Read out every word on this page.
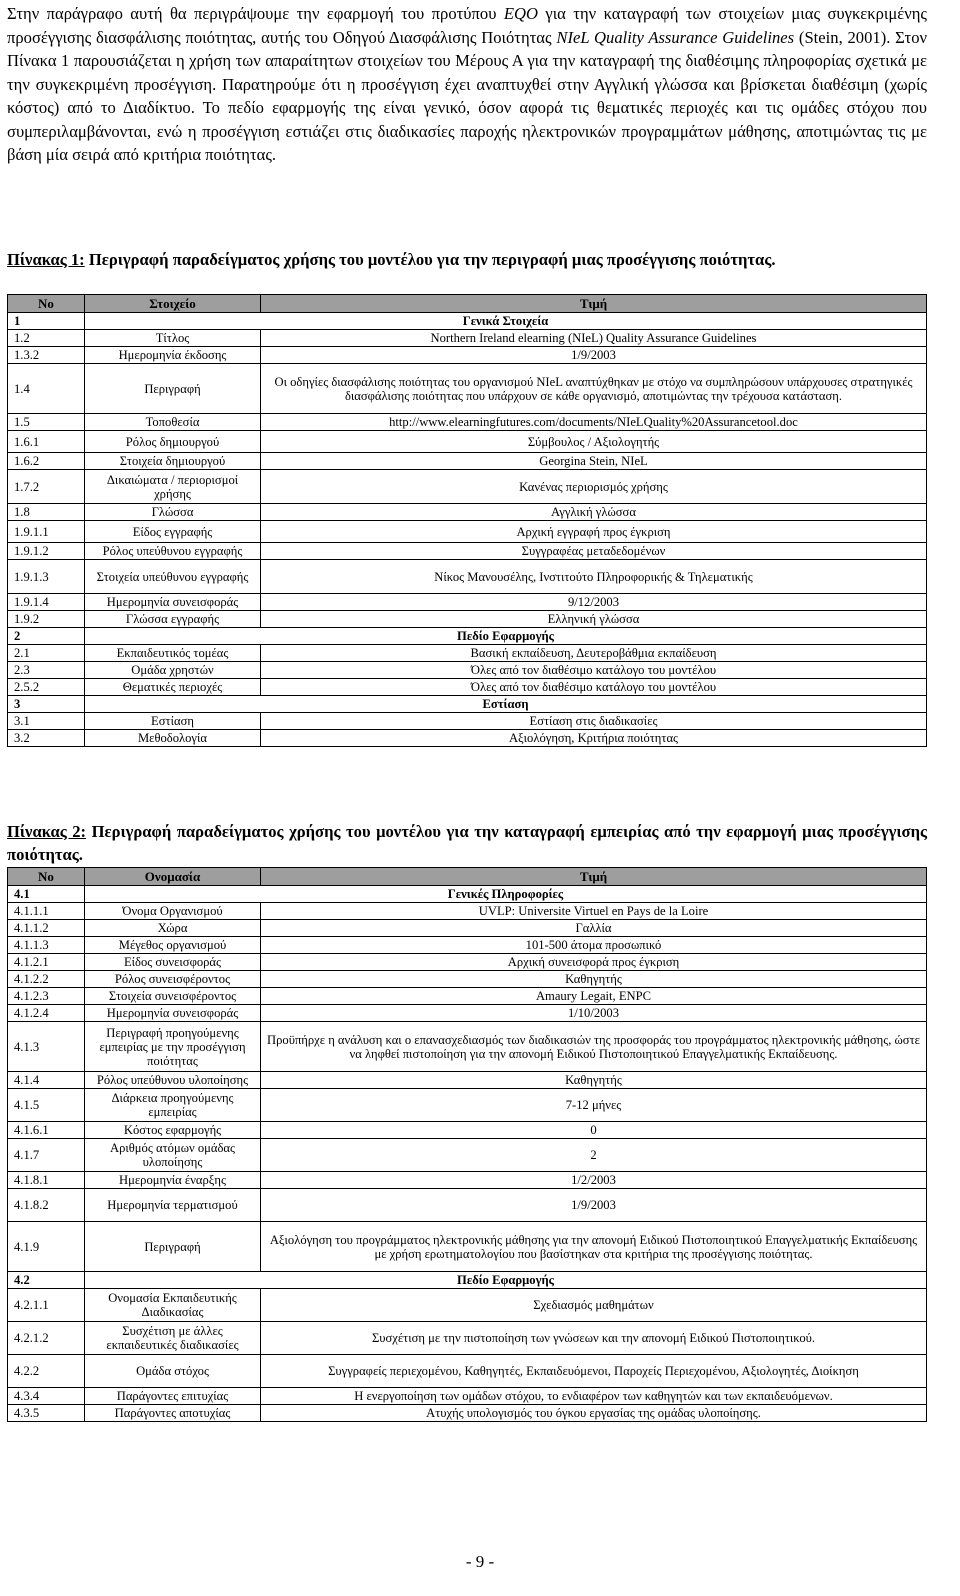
Στην παράγραφο αυτή θα περιγράψουμε την εφαρμογή του προτύπου EQO για την καταγραφή των στοιχείων μιας συγκεκριμένης προσέγγισης διασφάλισης ποιότητας, αυτής του Οδηγού Διασφάλισης Ποιότητας NIeL Quality Assurance Guidelines (Stein, 2001). Στον Πίνακα 1 παρουσιάζεται η χρήση των απαραίτητων στοιχείων του Μέρους Α για την καταγραφή της διαθέσιμης πληροφορίας σχετικά με την συγκεκριμένη προσέγγιση. Παρατηρούμε ότι η προσέγγιση έχει αναπτυχθεί στην Αγγλική γλώσσα και βρίσκεται διαθέσιμη (χωρίς κόστος) από το Διαδίκτυο. Το πεδίο εφαρμογής της είναι γενικό, όσον αφορά τις θεματικές περιοχές και τις ομάδες στόχου που συμπεριλαμβάνονται, ενώ η προσέγγιση εστιάζει στις διαδικασίες παροχής ηλεκτρονικών προγραμμάτων μάθησης, αποτιμώντας τις με βάση μία σειρά από κριτήρια ποιότητας.

Πίνακας 1: Περιγραφή παραδείγματος χρήσης του μοντέλου για την περιγραφή μιας προσέγγισης ποιότητας.

No	Στοιχείο	Τιμή
1	Γενικά Στοιχεία	
1.2	Τίτλος	Northern Ireland elearning (NIeL) Quality Assurance Guidelines
1.3.2	Ημερομηνία έκδοσης	1/9/2003
1.4	Περιγραφή	Οι οδηγίες διασφάλισης ποιότητας του οργανισμού NIeL αναπτύχθηκαν με στόχο να συμπληρώσουν υπάρχουσες στρατηγικές διασφάλισης ποιότητας που υπάρχουν σε κάθε οργανισμό, αποτιμώντας την τρέχουσα κατάσταση.
1.5	Τοποθεσία	http://www.elearningfutures.com/documents/NIeLQuality%20Assurancetool.doc
1.6.1	Ρόλος δημιουργού	Σύμβουλος / Αξιολογητής
1.6.2	Στοιχεία δημιουργού	Georgina Stein, NIeL
1.7.2	Δικαιώματα / περιορισμοί χρήσης	Κανένας περιορισμός χρήσης
1.8	Γλώσσα	Αγγλική γλώσσα
1.9.1.1	Είδος εγγραφής	Αρχική εγγραφή προς έγκριση
1.9.1.2	Ρόλος υπεύθυνου εγγραφής	Συγγραφέας μεταδεδομένων
1.9.1.3	Στοιχεία υπεύθυνου εγγραφής	Νίκος Μανουσέλης, Ινστιτούτο Πληροφορικής & Τηλεματικής
1.9.1.4	Ημερομηνία συνεισφοράς	9/12/2003
1.9.2	Γλώσσα εγγραφής	Ελληνική γλώσσα
2	Πεδίο Εφαρμογής	
2.1	Εκπαιδευτικός τομέας	Βασική εκπαίδευση, Δευτεροβάθμια εκπαίδευση
2.3	Ομάδα χρηστών	Όλες από τον διαθέσιμο κατάλογο του μοντέλου
2.5.2	Θεματικές περιοχές	Όλες από τον διαθέσιμο κατάλογο του μοντέλου
3	Εστίαση	
3.1	Εστίαση	Εστίαση στις διαδικασίες
3.2	Μεθοδολογία	Αξιολόγηση, Κριτήρια ποιότητας

Πίνακας 2: Περιγραφή παραδείγματος χρήσης του μοντέλου για την καταγραφή εμπειρίας από την εφαρμογή μιας προσέγγισης ποιότητας.

No	Ονομασία	Τιμή
4.1	Γενικές Πληροφορίες	
4.1.1.1	Όνομα Οργανισμού	UVLP: Universite Virtuel en Pays de la Loire
4.1.1.2	Χώρα	Γαλλία
4.1.1.3	Μέγεθος οργανισμού	101-500 άτομα προσωπικό
4.1.2.1	Είδος συνεισφοράς	Αρχική συνεισφορά προς έγκριση
4.1.2.2	Ρόλος συνεισφέροντος	Καθηγητής
4.1.2.3	Στοιχεία συνεισφέροντος	Amaury Legait, ENPC
4.1.2.4	Ημερομηνία συνεισφοράς	1/10/2003
4.1.3	Περιγραφή προηγούμενης εμπειρίας με την προσέγγιση ποιότητας	Προϋπήρχε η ανάλυση και ο επανασχεδιασμός των διαδικασιών της προσφοράς του προγράμματος ηλεκτρονικής μάθησης, ώστε να ληφθεί πιστοποίηση για την απονομή Ειδικού Πιστοποιητικού Επαγγελματικής Εκπαίδευσης.
4.1.4	Ρόλος υπεύθυνου υλοποίησης	Καθηγητής
4.1.5	Διάρκεια προηγούμενης εμπειρίας	7-12 μήνες
4.1.6.1	Κόστος εφαρμογής	0
4.1.7	Αριθμός ατόμων ομάδας υλοποίησης	2
4.1.8.1	Ημερομηνία έναρξης	1/2/2003
4.1.8.2	Ημερομηνία τερματισμού	1/9/2003
4.1.9	Περιγραφή	Αξιολόγηση του προγράμματος ηλεκτρονικής μάθησης για την απονομή Ειδικού Πιστοποιητικού Επαγγελματικής Εκπαίδευσης με χρήση ερωτηματολογίου που βασίστηκαν στα κριτήρια της προσέγγισης ποιότητας.
4.2	Πεδίο Εφαρμογής	
4.2.1.1	Ονομασία Εκπαιδευτικής Διαδικασίας	Σχεδιασμός μαθημάτων
4.2.1.2	Συσχέτιση με άλλες εκπαιδευτικές διαδικασίες	Συσχέτιση με την πιστοποίηση των γνώσεων και την απονομή Ειδικού Πιστοποιητικού.
4.2.2	Ομάδα στόχος	Συγγραφείς περιεχομένου, Καθηγητές, Εκπαιδευόμενοι, Παροχείς Περιεχομένου, Αξιολογητές, Διοίκηση
4.3.4	Παράγοντες επιτυχίας	Η ενεργοποίηση των ομάδων στόχου, το ενδιαφέρον των καθηγητών και των εκπαιδευόμενων.
4.3.5	Παράγοντες αποτυχίας	Ατυχής υπολογισμός του όγκου εργασίας της ομάδας υλοποίησης.
- 9 -
